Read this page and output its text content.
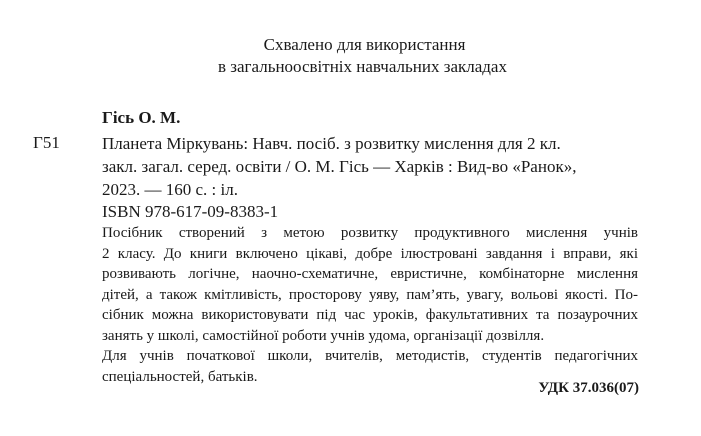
Схвалено для використання
в загальноосвітніх навчальних закладах
Гісь О. М.
Г51 Планета Міркувань: Навч. посіб. з розвитку мислення для 2 кл.
закл. загал. серед. освіти / О. М. Гісь — Харків : Вид-во «Ранок»,
2023. — 160 с. : іл.
ISBN 978-617-09-8383-1
Посібник створений з метою розвитку продуктивного мислення учнів
2 класу. До книги включено цікаві, добре ілюстровані завдання і вправи, які
розвивають логічне, наочно-схематичне, евристичне, комбінаторне мислення
дітей, а також кмітливість, просторову уяву, пам’ять, увагу, вольові якості. По-
сібник можна використовувати під час уроків, факультативних та позаурочних
занять у школі, самостійної роботи учнів удома, організації дозвілля.
Для учнів початкової школи, вчителів, методистів, студентів педагогічних
спеціальностей, батьків.
УДК 37.036(07)
